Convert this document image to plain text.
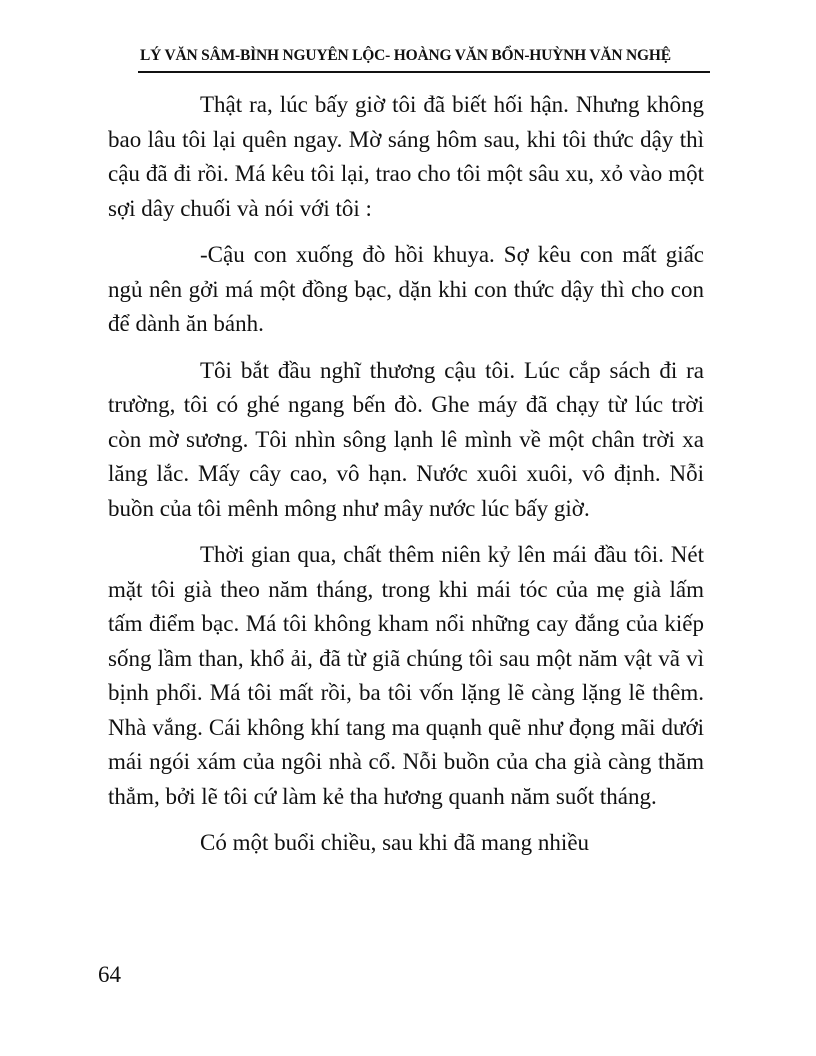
LÝ VĂN SÂM-BÌNH NGUYÊN LỘC- HOÀNG VĂN BỔN-HUỲNH VĂN NGHỆ

Thật ra, lúc bấy giờ tôi đã biết hối hận. Nhưng không bao lâu tôi lại quên ngay. Mờ sáng hôm sau, khi tôi thức dậy thì cậu đã đi rồi. Má kêu tôi lại, trao cho tôi một sâu xu, xỏ vào một sợi dây chuối và nói với tôi :

-Cậu con xuống đò hồi khuya. Sợ kêu con mất giấc ngủ nên gởi má một đồng bạc, dặn khi con thức dậy thì cho con để dành ăn bánh.

Tôi bắt đầu nghĩ thương cậu tôi. Lúc cắp sách đi ra trường, tôi có ghé ngang bến đò. Ghe máy đã chạy từ lúc trời còn mờ sương. Tôi nhìn sông lạnh lê mình về một chân trời xa lăng lắc. Mấy cây cao, vô hạn. Nước xuôi xuôi, vô định. Nỗi buồn của tôi mênh mông như mây nước lúc bấy giờ.

Thời gian qua, chất thêm niên kỷ lên mái đầu tôi. Nét mặt tôi già theo năm tháng, trong khi mái tóc của mẹ già lấm tấm điểm bạc. Má tôi không kham nổi những cay đắng của kiếp sống lầm than, khổ ải, đã từ giã chúng tôi sau một năm vật vã vì bịnh phổi. Má tôi mất rồi, ba tôi vốn lặng lẽ càng lặng lẽ thêm. Nhà vắng. Cái không khí tang ma quạnh quẽ như đọng mãi dưới mái ngói xám của ngôi nhà cổ. Nỗi buồn của cha già càng thăm thẳm, bởi lẽ tôi cứ làm kẻ tha hương quanh năm suốt tháng.

Có một buổi chiều, sau khi đã mang nhiều

64
